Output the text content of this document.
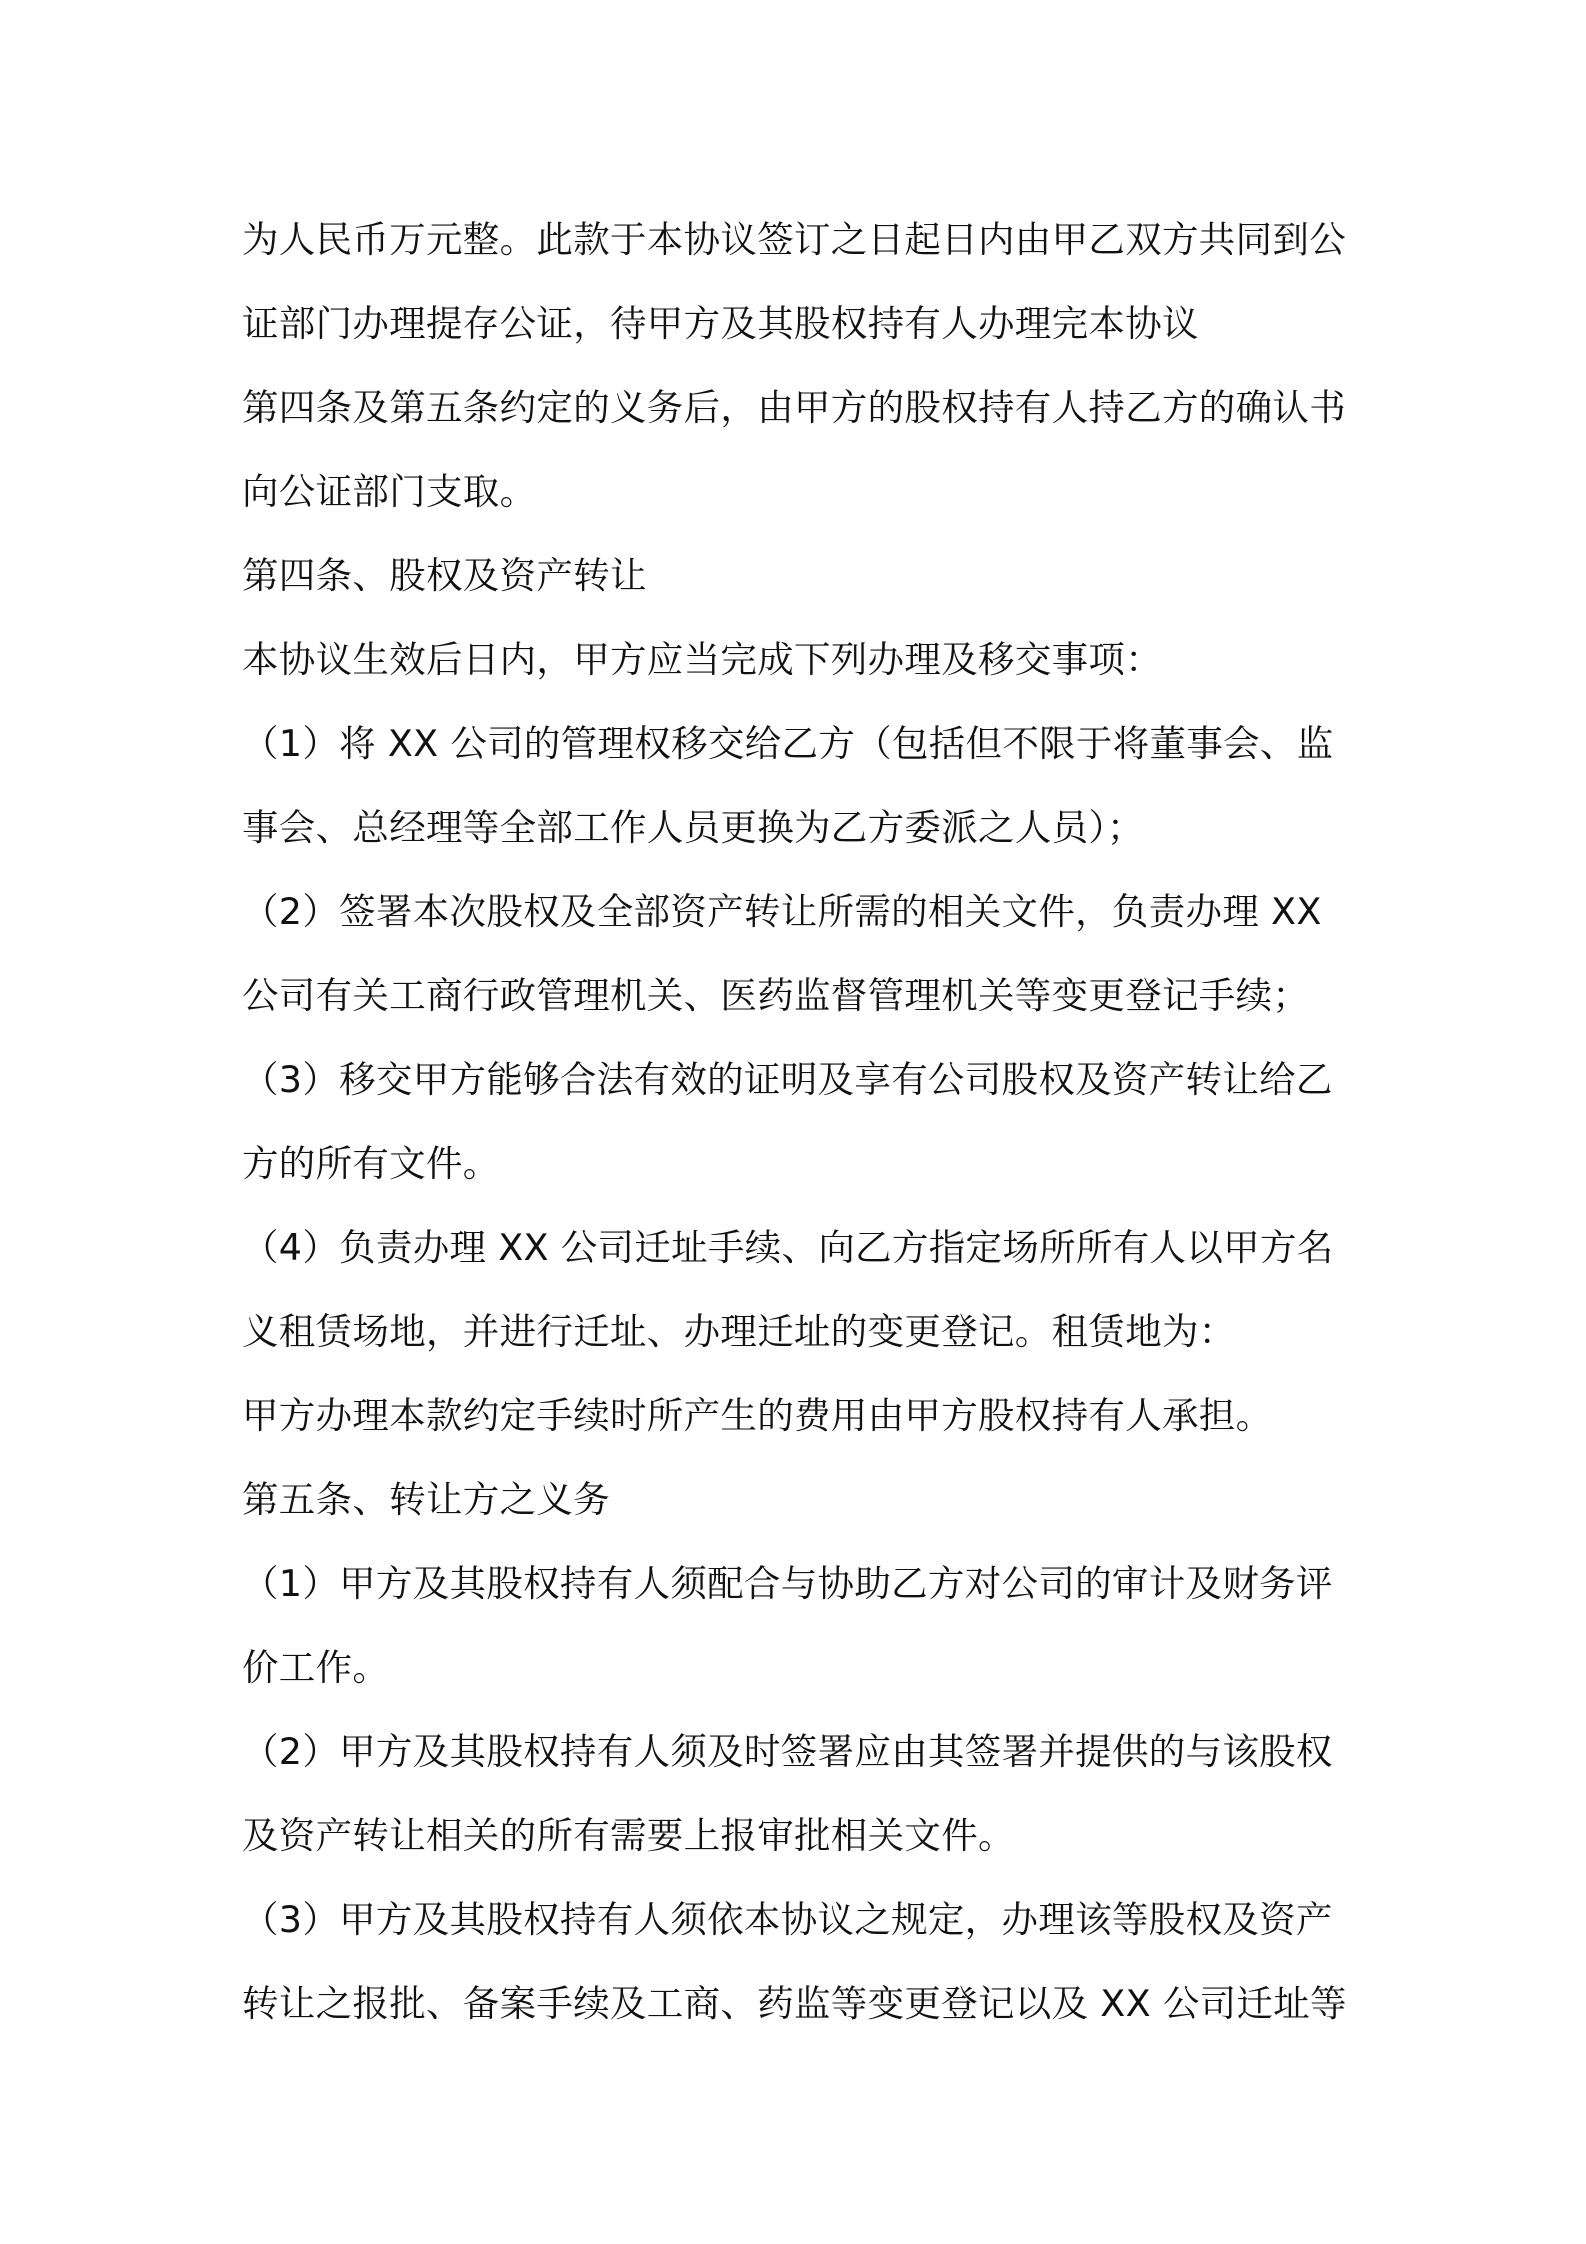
为人民币万元整。此款于本协议签订之日起日内由甲乙双方共同到公
证部门办理提存公证，待甲方及其股权持有人办理完本协议
第四条及第五条约定的义务后，由甲方的股权持有人持乙方的确认书
向公证部门支取。
第四条、股权及资产转让
本协议生效后日内，甲方应当完成下列办理及移交事项：
（1）将 XX 公司的管理权移交给乙方（包括但不限于将董事会、监
事会、总经理等全部工作人员更换为乙方委派之人员）；
（2）签署本次股权及全部资产转让所需的相关文件，负责办理 XX
公司有关工商行政管理机关、医药监督管理机关等变更登记手续；
（3）移交甲方能够合法有效的证明及享有公司股权及资产转让给乙
方的所有文件。
（4）负责办理 XX 公司迁址手续、向乙方指定场所所有人以甲方名
义租赁场地，并进行迁址、办理迁址的变更登记。租赁地为：
甲方办理本款约定手续时所产生的费用由甲方股权持有人承担。
第五条、转让方之义务
（1）甲方及其股权持有人须配合与协助乙方对公司的审计及财务评
价工作。
（2）甲方及其股权持有人须及时签署应由其签署并提供的与该股权
及资产转让相关的所有需要上报审批相关文件。
（3）甲方及其股权持有人须依本协议之规定，办理该等股权及资产
转让之报批、备案手续及工商、药监等变更登记以及 XX 公司迁址等
